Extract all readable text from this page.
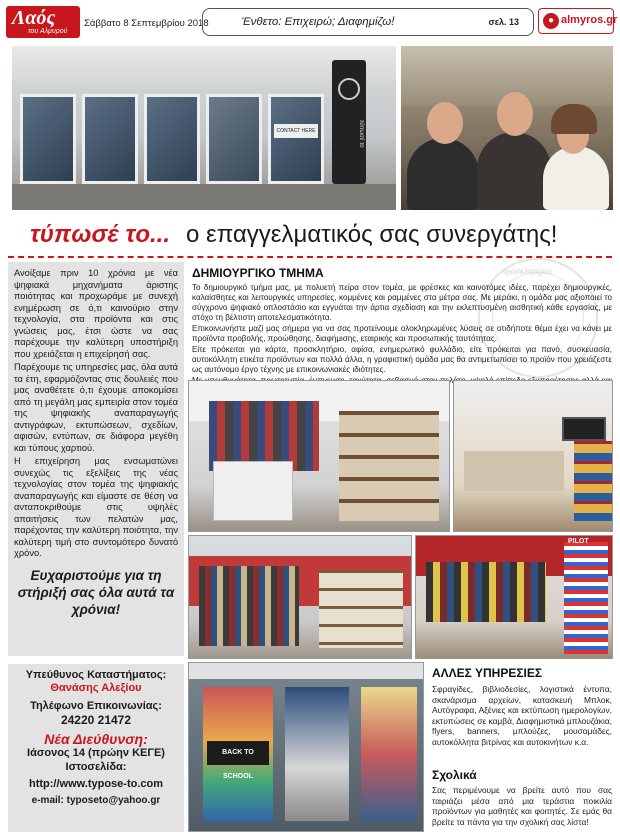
Λαός
του Αλμυρού
Σάββατο 8 Σεπτεμβρίου 2018	Ένθετο: Επιχειρώ; Διαφημίζω!	σελ. 13	● almyros.gr
CONTACT HERE	τύπωσέ το
τύπωσέ το... ο επαγγελματικός σας συνεργάτης!

Ανοίξαμε πριν 10 χρόνια με νέα ψηφιακά μηχανήματα άριστης ποιότητας και προχωράμε με συνεχή ενημέρωση σε ό,τι καινούριο στην τεχνολογία, στα προϊόντα και στις γνώσεις μας, έτσι ώστε να σας παρέχουμε την καλύτερη υποστήριξη που χρειάζεται η επιχείρησή σας.

Παρέχουμε τις υπηρεσίες μας, όλα αυτά τα έτη, εφαρμόζοντας στις δουλειές που μας αναθέτετε ό,τι έχουμε αποκομίσει από τη μεγάλη μας εμπειρία στον τομέα της ψηφιακής αναπαραγωγής αντιγράφων, εκτυπώσεων, σχεδίων, αφισών, εντύπων, σε διάφορα μεγέθη και τύπους χαρτιού.

Η επιχείρηση μας ενσωματώνει συνεχώς τις εξελίξεις της νέας τεχνολογίας στον τομέα της ψηφιακής αναπαραγωγής και είμαστε σε θέση να ανταποκριθούμε στις υψηλές απαιτήσεις των πελατών μας, παρέχοντας την καλύτερη ποιότητα, την καλύτερη τιμή στο συντομότερο δυνατό χρόνο.

Ευχαριστούμε για τη στήριξή σας όλα αυτά τα χρόνια!
Υπεύθυνος Καταστήματος:
Θανάσης Αλεξίου
Τηλέφωνο Επικοινωνίας:
24220 21472
Νέα Διεύθυνση:
Ιάσονος 14 (πρώην ΚΕΓΕ)
Ιστοσελίδα:
http://www.typose-to.com
e-mail: typoseto@yahoo.gr
προσκλητήριο
ΔΗΜΙΟΥΡΓΙΚΟ ΤΜΗΜΑ

Το δημιουργικό τμήμα μας, με πολυετή πείρα στον τομέα, με φρέσκες και καινοτόμες ιδέες, παρέχει δημιουργικές, καλαίσθητες και λειτουργικές υπηρεσίες, κομμένες και ραμμένες στα μέτρα σας. Με μεράκι, η ομάδα μας αξιοποιεί το σύγχρονο ψηφιακό οπλοστάσιο και εγγυάται την άρτια σχεδίαση και την εκλεπτυσμένη αισθητική κάθε εργασίας, με στόχο τη βέλτιστη αποτελεσματικότητα.

Επικοινωνήστε μαζί μας σήμερα για να σας προτείνουμε ολοκληρωμένες λύσεις σε οτιδήποτε θέμα έχει να κάνει με προϊόντα προβολής, προώθησης, διαφήμισης, εταιρικής και προσωπικής ταυτότητας.

Είτε πρόκειται για κάρτα, προσκλητήριο, αφίσα, ενημερωτικό φυλλάδιο, είτε πρόκειται για πανό, συσκευασία, αυτοκόλλητη ετικέτα προϊόντων και πολλά άλλα, η γραφιστική ομάδα μας θα αντιμετωπίσει το προϊόν που χρειάζεστε ως αυτόνομο έργο τέχνης με επικοινωνιακές ιδιότητες.

PILOT
BACK TO SCHOOL
ΑΛΛΕΣ ΥΠΗΡΕΣΙΕΣ
Σφραγίδες, βιβλιοδεσίες, λογιστικά έντυπα, σκανάρισμα αρχείων, κατασκευή Μπλοκ, Αυτόγραφα, Αξένιες και εκτύπωση ημερολογίων, εκτυπώσεις σε καμβά, Διαφημιστικά μπλουζάκια, flyers, banners, μπλούζες, μουσαμάδες, αυτοκόλλητα βιτρίνας και αυτοκινήτων κ.α.
Σχολικά
Σας περιμένουμε να βρείτε αυτό που σας ταιριάζει μέσα από μια τεράστια ποικιλία προϊόντων για μαθητές και φοιτητές. Σε εμάς θα βρείτε τα πάντα για την σχολική σας λίστα!
